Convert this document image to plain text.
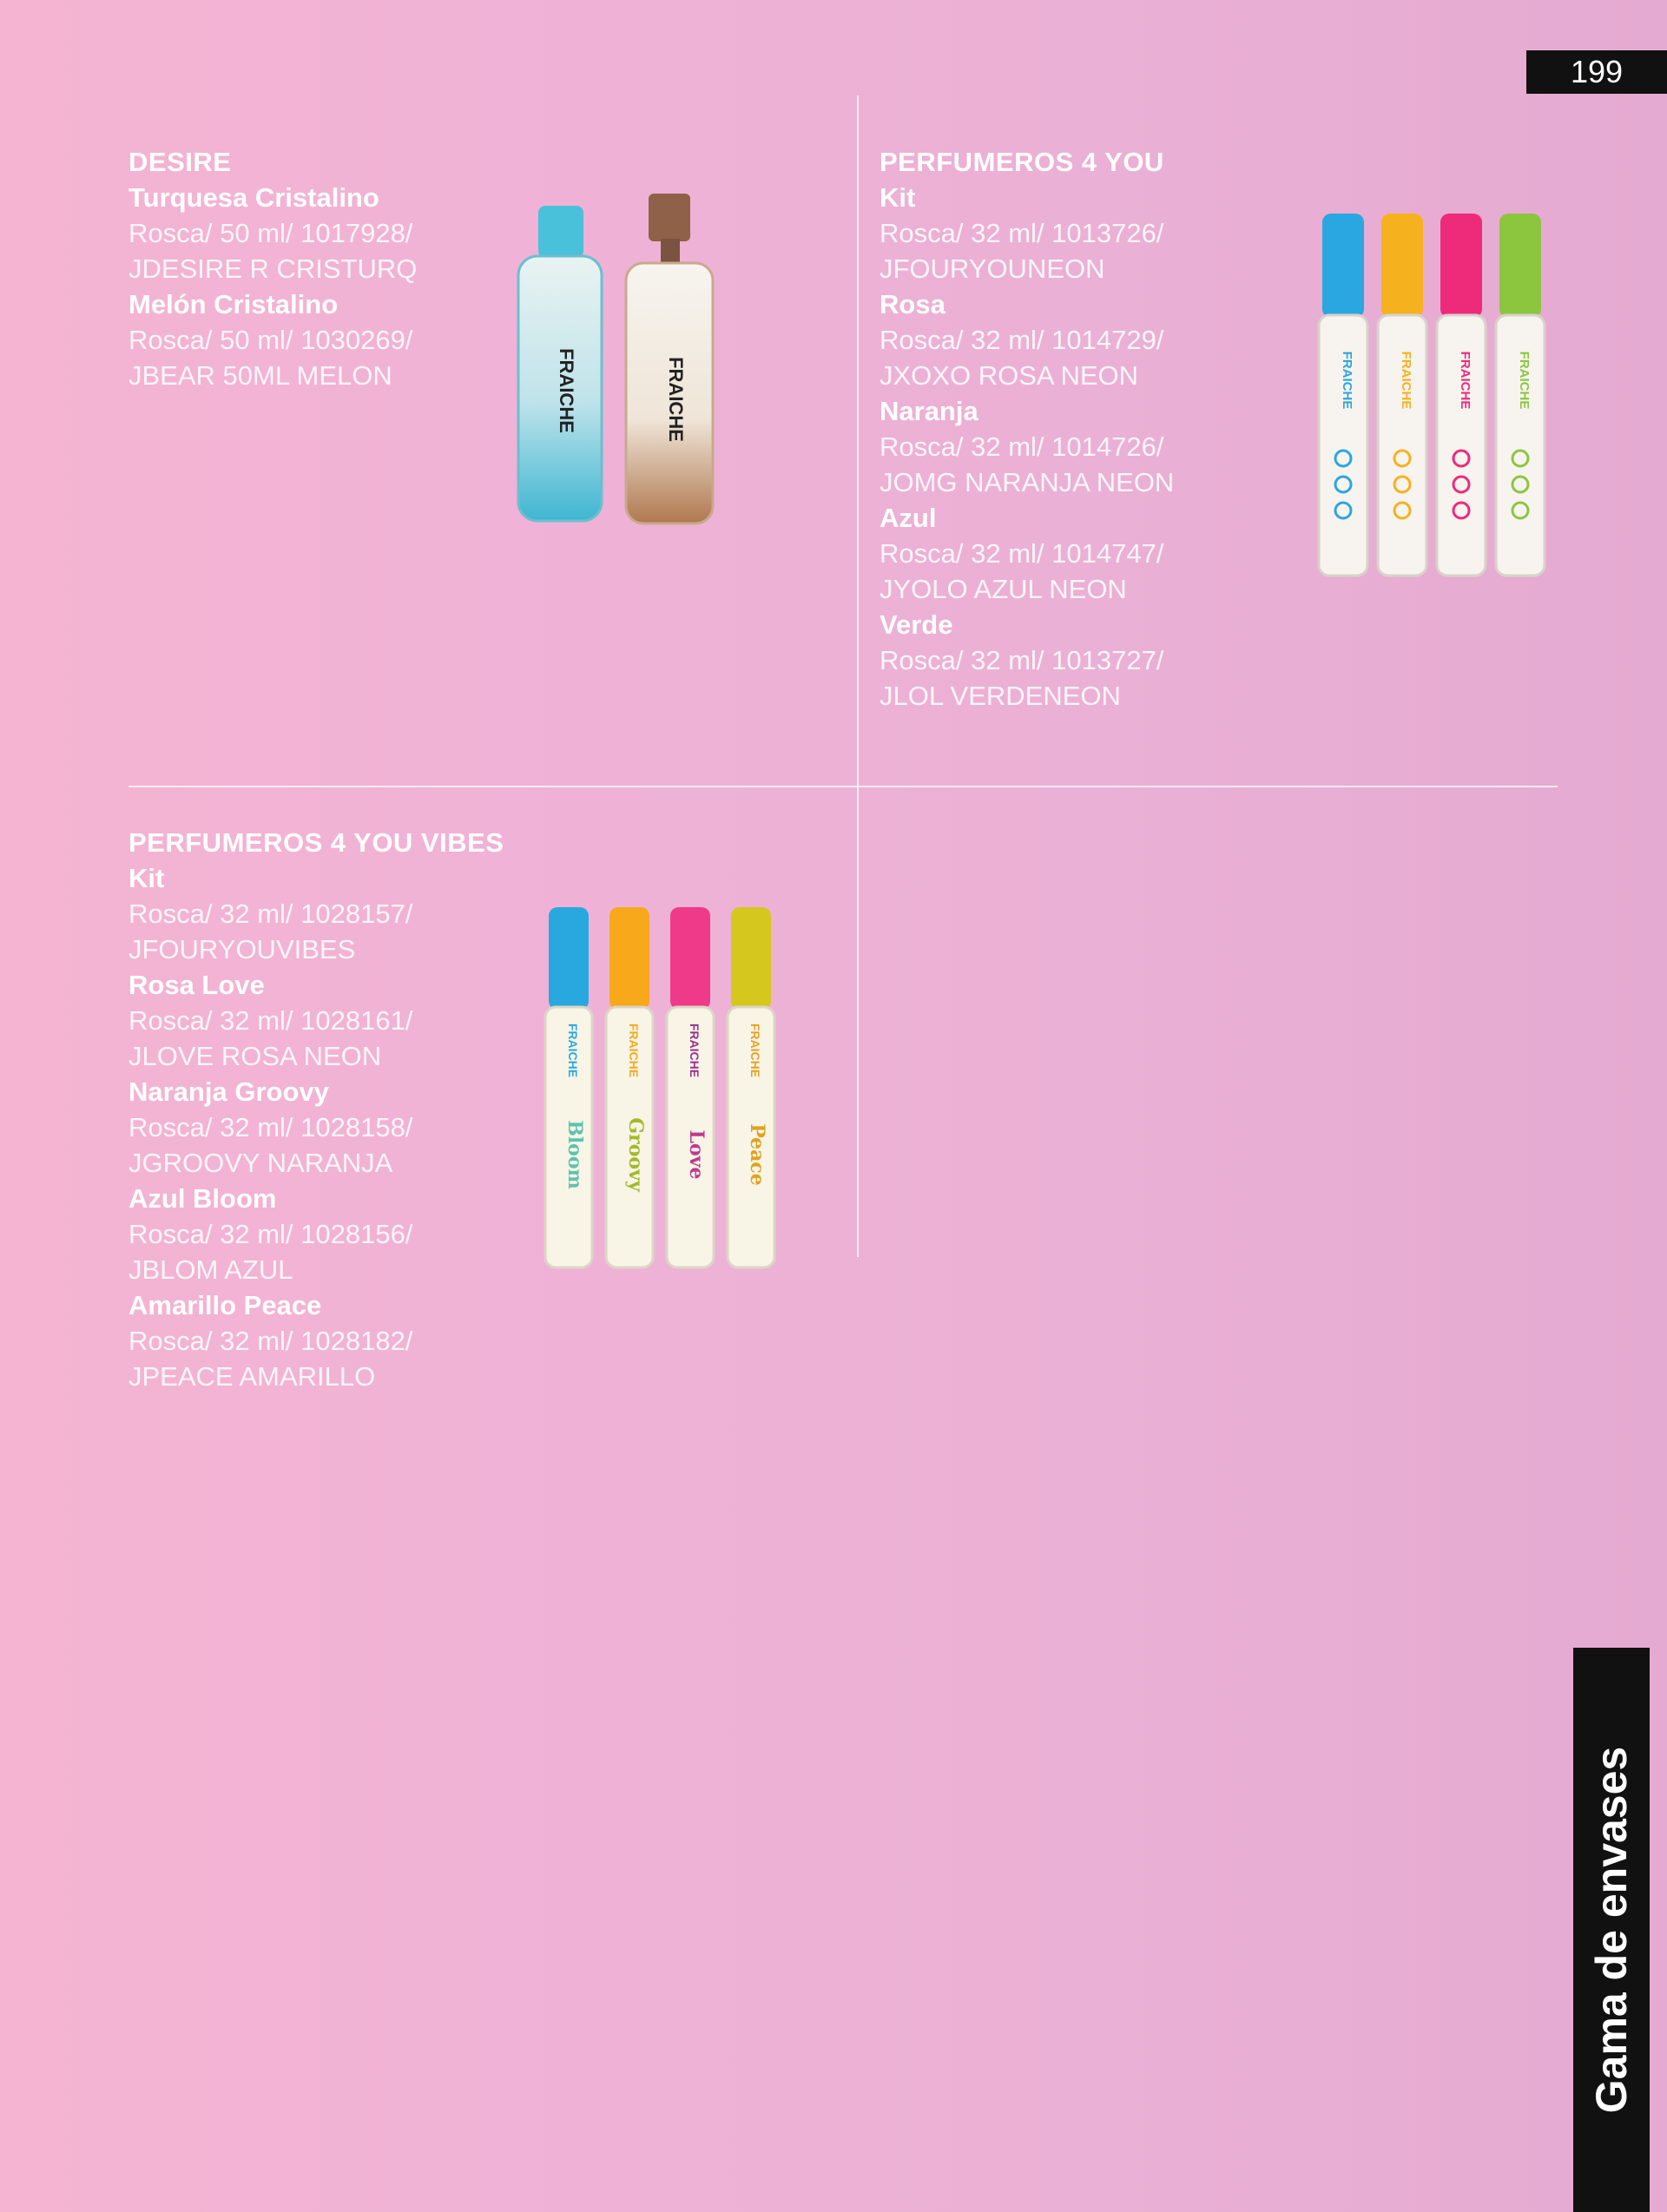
199
DESIRE
Turquesa Cristalino
Rosca/ 50 ml/ 1017928/
JDESIRE R CRISTURQ
Melón Cristalino
Rosca/ 50 ml/ 1030269/
JBEAR 50ML MELON
PERFUMEROS 4 YOU
Kit
Rosca/ 32 ml/ 1013726/
JFOURYOUNEON
Rosa
Rosca/ 32 ml/ 1014729/
JXOXO ROSA NEON
Naranja
Rosca/ 32 ml/ 1014726/
JOMG NARANJA NEON
Azul
Rosca/ 32 ml/ 1014747/
JYOLO AZUL NEON
Verde
Rosca/ 32 ml/ 1013727/
JLOL VERDENEON
PERFUMEROS 4 YOU VIBES
Kit
Rosca/ 32 ml/ 1028157/
JFOURYOUVIBES
Rosa Love
Rosca/ 32 ml/ 1028161/
JLOVE ROSA NEON
Naranja Groovy
Rosca/ 32 ml/ 1028158/
JGROOVY NARANJA
Azul Bloom
Rosca/ 32 ml/ 1028156/
JBLOM AZUL
Amarillo Peace
Rosca/ 32 ml/ 1028182/
JPEACE AMARILLO
FRAICHE	FRAICHE	FRAICHE	FRAICHE	FRAICHE	FRAICHE
FRAICHE
Bloom
FRAICHE
Groovy
FRAICHE
Love
FRAICHE
Peace
Gama de envases
